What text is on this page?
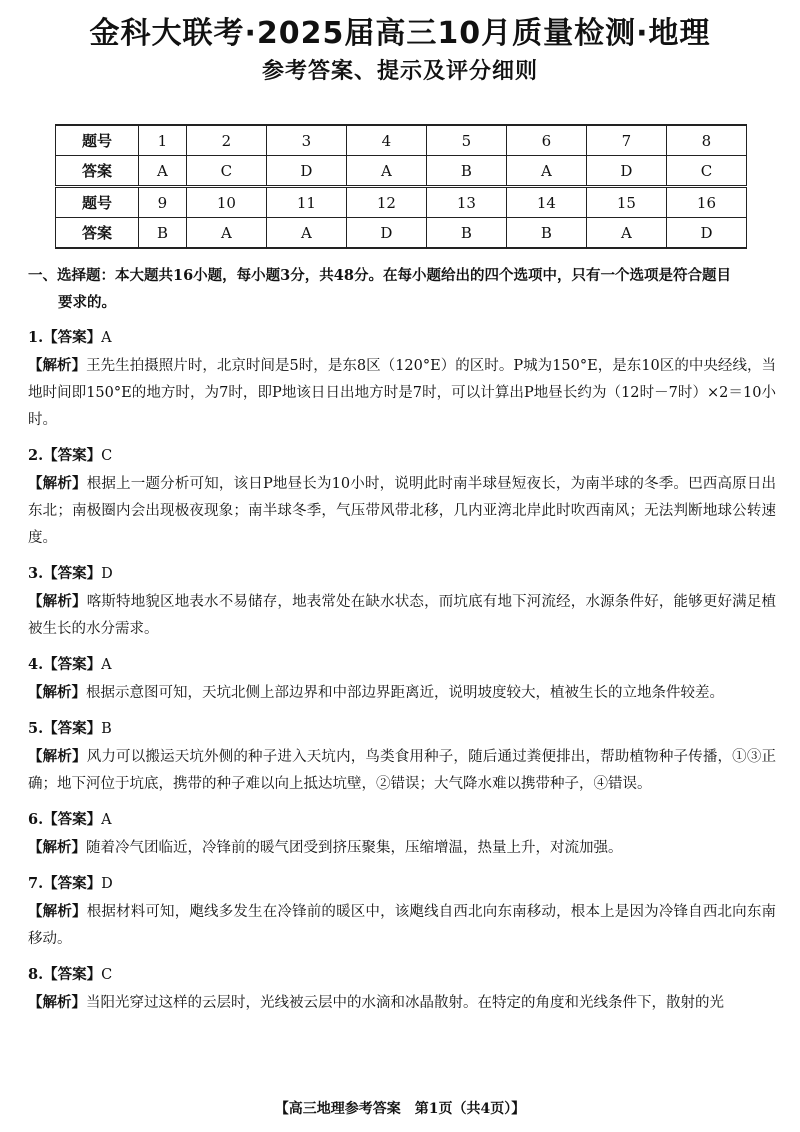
金科大联考·2025届高三10月质量检测·地理
参考答案、提示及评分细则
题号	1	2	3	4	5	6	7	8
答案	A	C	D	A	B	A	D	C
题号	9	10	11	12	13	14	15	16
答案	B	A	A	D	B	B	A	D

一、选择题：本大题共16小题，每小题3分，共48分。在每小题给出的四个选项中，只有一个选项是符合题目
要求的。

1.【答案】A

【解析】王先生拍摄照片时，北京时间是5时，是东8区（120°E）的区时。P城为150°E，是东10区的中央经线，当地时间即150°E的地方时，为7时，即P地该日日出地方时是7时，可以计算出P地昼长约为（12时－7时）×2＝10小时。

2.【答案】C

【解析】根据上一题分析可知，该日P地昼长为10小时，说明此时南半球昼短夜长，为南半球的冬季。巴西高原日出东北；南极圈内会出现极夜现象；南半球冬季，气压带风带北移，几内亚湾北岸此时吹西南风；无法判断地球公转速度。

3.【答案】D

【解析】喀斯特地貌区地表水不易储存，地表常处在缺水状态，而坑底有地下河流经，水源条件好，能够更好满足植被生长的水分需求。

4.【答案】A

【解析】根据示意图可知，天坑北侧上部边界和中部边界距离近，说明坡度较大，植被生长的立地条件较差。

5.【答案】B

【解析】风力可以搬运天坑外侧的种子进入天坑内，鸟类食用种子，随后通过粪便排出，帮助植物种子传播，①③正确；地下河位于坑底，携带的种子难以向上抵达坑壁，②错误；大气降水难以携带种子，④错误。

6.【答案】A

【解析】随着冷气团临近，冷锋前的暖气团受到挤压聚集，压缩增温，热量上升，对流加强。

7.【答案】D

【解析】根据材料可知，飑线多发生在冷锋前的暖区中，该飑线自西北向东南移动，根本上是因为冷锋自西北向东南移动。

8.【答案】C

【解析】当阳光穿过这样的云层时，光线被云层中的水滴和冰晶散射。在特定的角度和光线条件下，散射的光

【高三地理参考答案　第1页（共4页）】
